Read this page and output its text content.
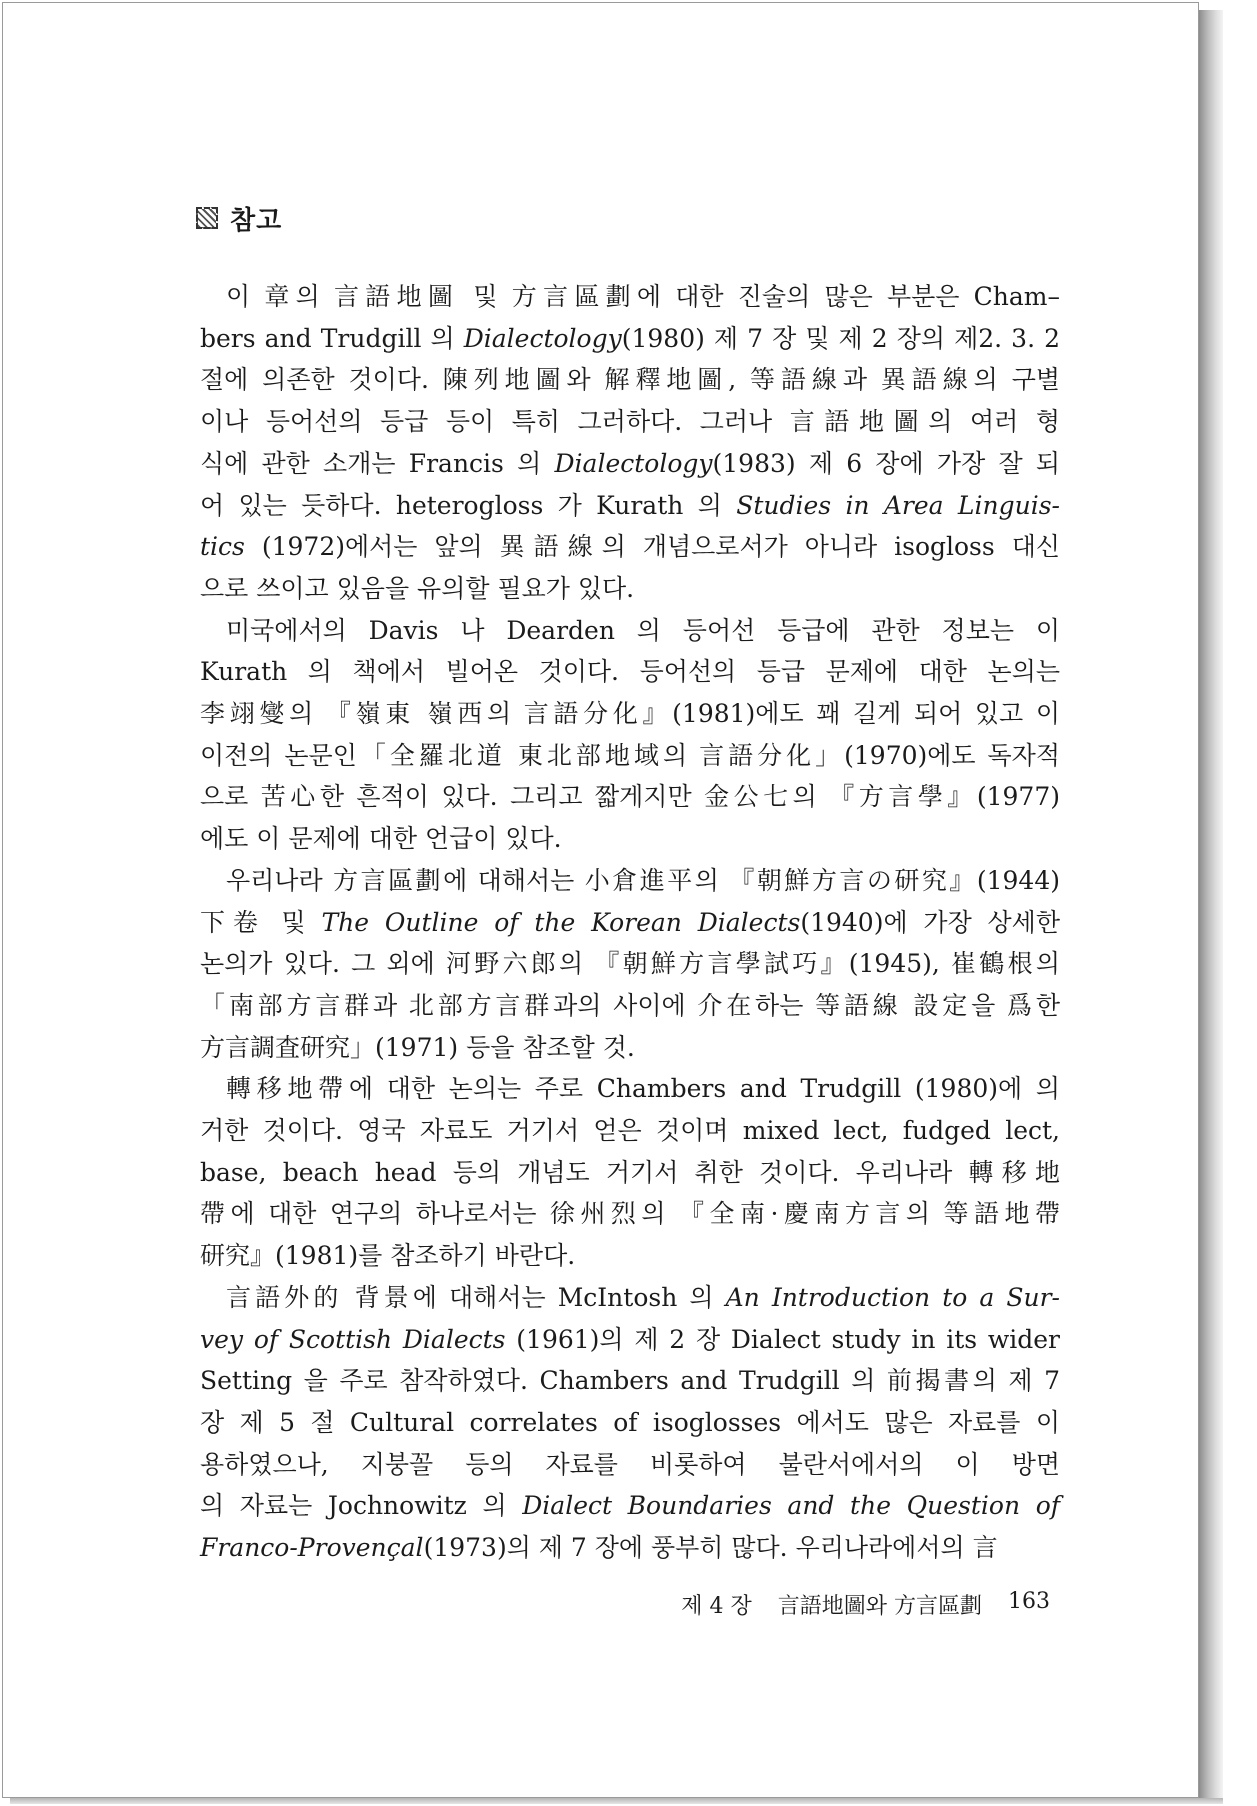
참고

이 章의 言語地圖 및 方言區劃에 대한 진술의 많은 부분은 Cham–
bers and Trudgill 의 Dialectology(1980) 제 7 장 및 제 2 장의 제2. 3. 2
절에 의존한 것이다. 陳列地圖와 解釋地圖, 等語線과 異語線의 구별
이나 등어선의 등급 등이 특히 그러하다. 그러나 言語地圖의 여러 형
식에 관한 소개는 Francis 의 Dialectology(1983) 제 6 장에 가장 잘 되
어 있는 듯하다. heterogloss 가 Kurath 의 Studies in Area Linguis-
tics (1972)에서는 앞의 異語線의 개념으로서가 아니라 isogloss 대신
으로 쓰이고 있음을 유의할 필요가 있다.

미국에서의 Davis 나 Dearden 의 등어선 등급에 관한 정보는 이
Kurath 의 책에서 빌어온 것이다. 등어선의 등급 문제에 대한 논의는
李翊燮의 『嶺東 嶺西의 言語分化』(1981)에도 꽤 길게 되어 있고 이
이전의 논문인「全羅北道 東北部地域의 言語分化」(1970)에도 독자적
으로 苦心한 흔적이 있다. 그리고 짧게지만 金公七의 『方言學』(1977)
에도 이 문제에 대한 언급이 있다.

우리나라 方言區劃에 대해서는 小倉進平의 『朝鮮方言の研究』(1944)
下卷 및 The Outline of the Korean Dialects(1940)에 가장 상세한
논의가 있다. 그 외에 河野六郎의 『朝鮮方言學試巧』(1945), 崔鶴根의
「南部方言群과 北部方言群과의 사이에 介在하는 等語線 設定을 爲한
方言調査研究」(1971) 등을 참조할 것.

轉移地帶에 대한 논의는 주로 Chambers and Trudgill (1980)에 의
거한 것이다. 영국 자료도 거기서 얻은 것이며 mixed lect, fudged lect,
base, beach head 등의 개념도 거기서 취한 것이다. 우리나라 轉移地
帶에 대한 연구의 하나로서는 徐州烈의 『全南·慶南方言의 等語地帶
研究』(1981)를 참조하기 바란다.

言語外的 背景에 대해서는 McIntosh 의 An Introduction to a Sur-
vey of Scottish Dialects (1961)의 제 2 장 Dialect study in its wider
Setting 을 주로 참작하였다. Chambers and Trudgill 의 前揭書의 제 7
장 제 5 절 Cultural correlates of isoglosses 에서도 많은 자료를 이
용하였으나, 지붕꼴 등의 자료를 비롯하여 불란서에서의 이 방면
의 자료는 Jochnowitz 의 Dialect Boundaries and the Question of
Franco-Provençal(1973)의 제 7 장에 풍부히 많다. 우리나라에서의 言

제 4 장 言語地圖와 方言區劃 163
